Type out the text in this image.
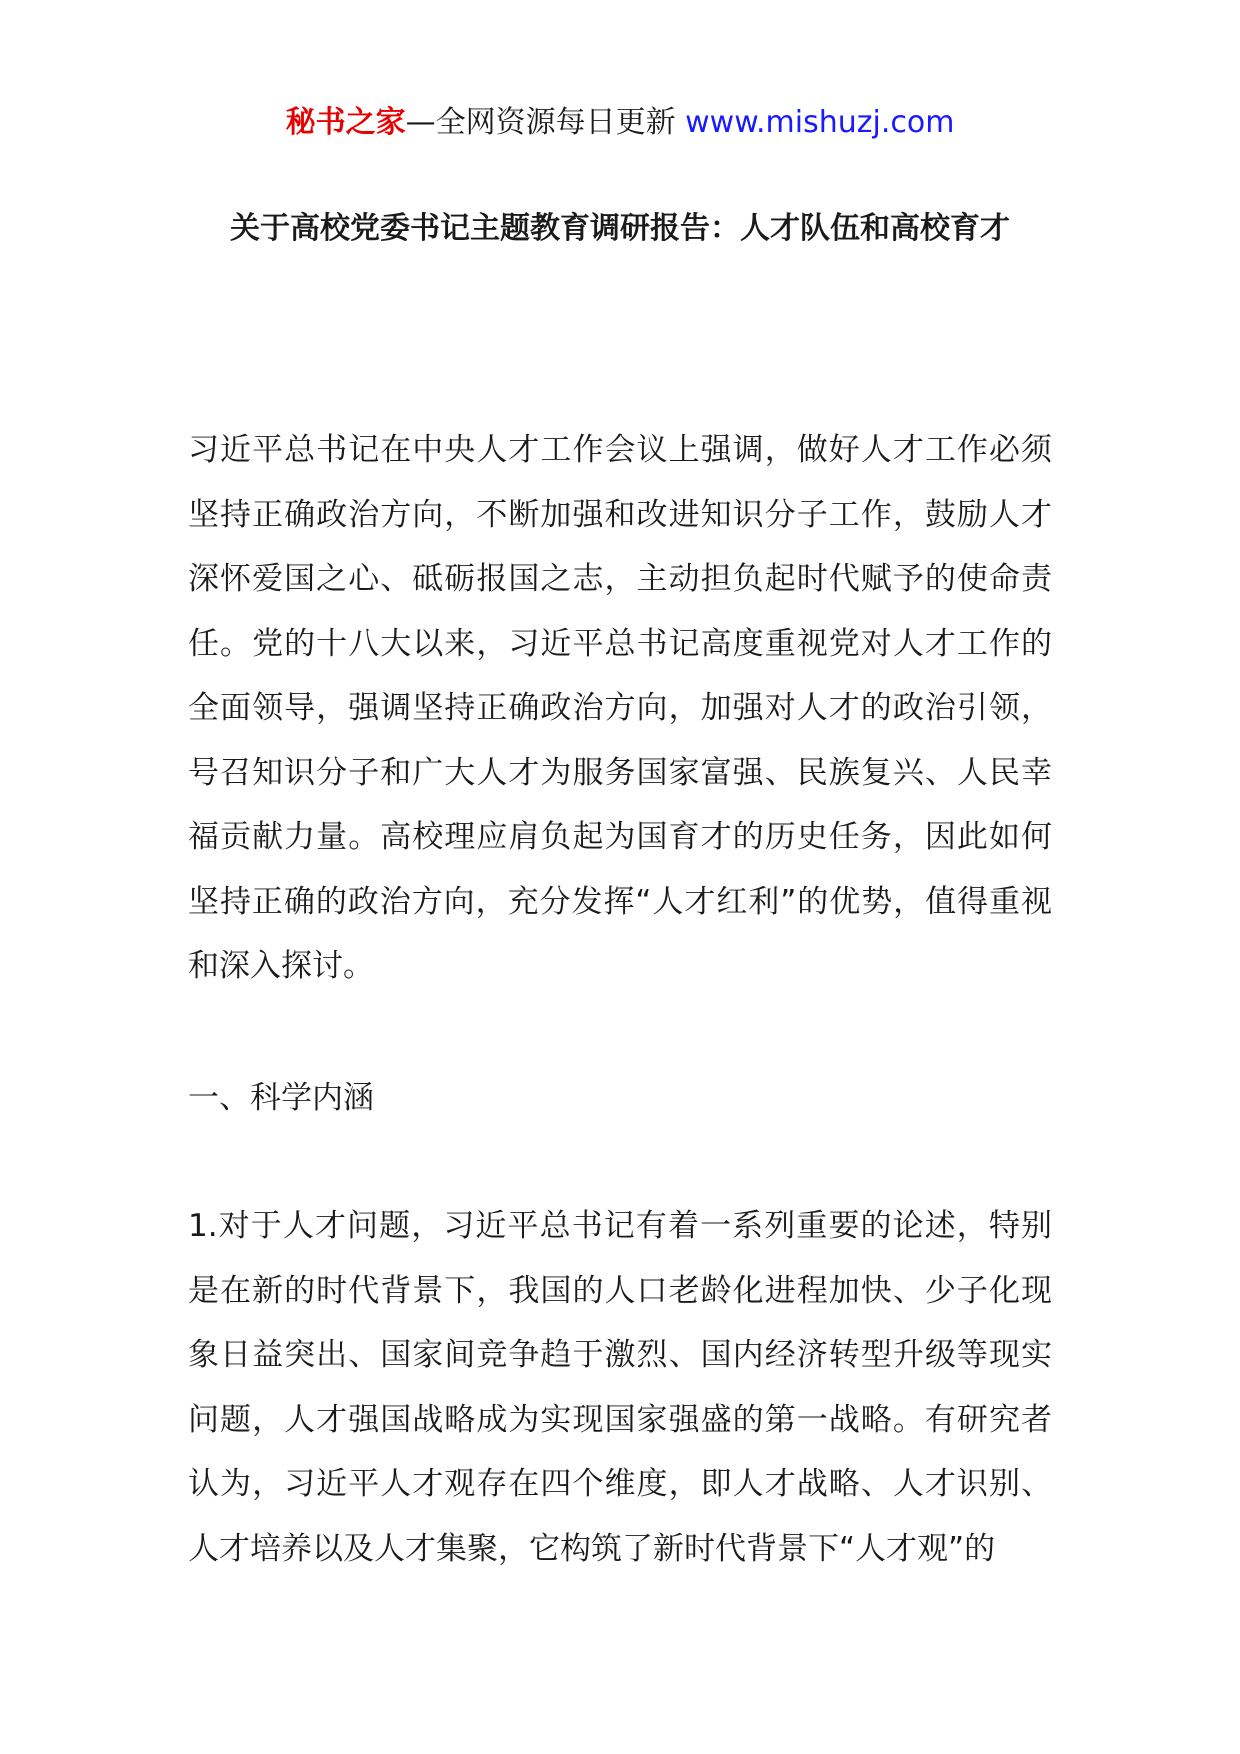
秘书之家—全网资源每日更新 www.mishuzj.com
关于高校党委书记主题教育调研报告：人才队伍和高校育才

习近平总书记在中央人才工作会议上强调，做好人才工作必须坚持正确政治方向，不断加强和改进知识分子工作，鼓励人才深怀爱国之心、砥砺报国之志，主动担负起时代赋予的使命责任。党的十八大以来，习近平总书记高度重视党对人才工作的全面领导，强调坚持正确政治方向，加强对人才的政治引领，号召知识分子和广大人才为服务国家富强、民族复兴、人民幸福贡献力量。高校理应肩负起为国育才的历史任务，因此如何坚持正确的政治方向，充分发挥“人才红利”的优势，值得重视和深入探讨。

一、科学内涵

1.对于人才问题，习近平总书记有着一系列重要的论述，特别是在新的时代背景下，我国的人口老龄化进程加快、少子化现象日益突出、国家间竞争趋于激烈、国内经济转型升级等现实问题，人才强国战略成为实现国家强盛的第一战略。有研究者认为，习近平人才观存在四个维度，即人才战略、人才识别、人才培养以及人才集聚，它构筑了新时代背景下“人才观”的
